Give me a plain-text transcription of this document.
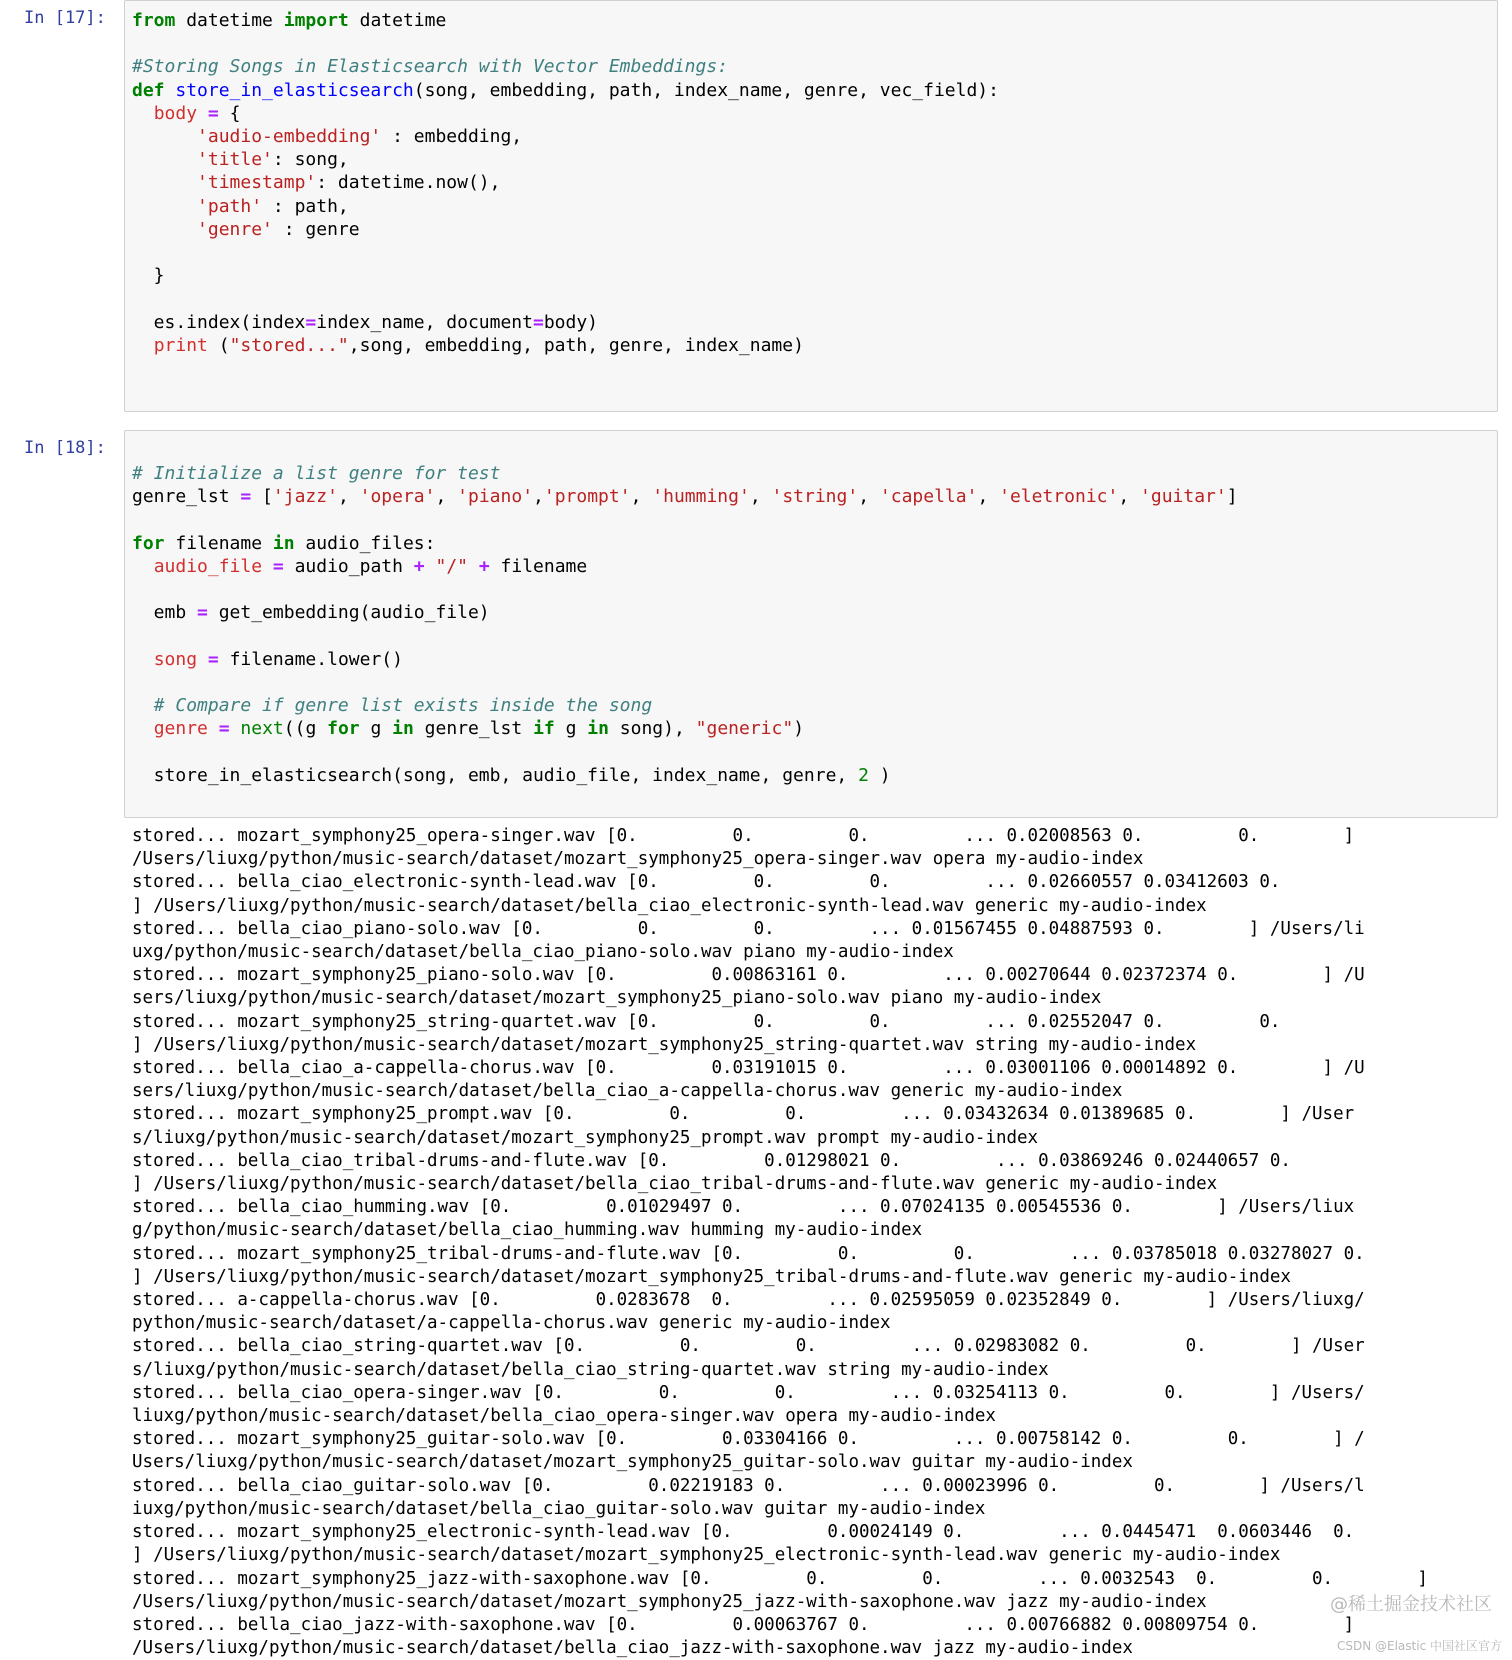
In [17]:	from datetime import datetime
#Storing Songs in Elasticsearch with Vector Embeddings:
def store_in_elasticsearch(song, embedding, path, index_name, genre, vec_field):
body = {
'audio-embedding' : embedding,
'title': song,
'timestamp': datetime.now(),
'path' : path,
'genre' : genre
}
es.index(index=index_name, document=body)
print ("stored...",song, embedding, path, genre, index_name)
In [18]:
# Initialize a list genre for test
genre_lst = ['jazz', 'opera', 'piano','prompt', 'humming', 'string', 'capella', 'eletronic', 'guitar']
for filename in audio_files:
audio_file = audio_path + "/" + filename
emb = get_embedding(audio_file)
song = filename.lower()
# Compare if genre list exists inside the song
genre = next((g for g in genre_lst if g in song), "generic")
store_in_elasticsearch(song, emb, audio_file, index_name, genre, 2 )
stored... mozart_symphony25_opera-singer.wav [0.         0.         0.         ... 0.02008563 0.         0.        ]
/Users/liuxg/python/music-search/dataset/mozart_symphony25_opera-singer.wav opera my-audio-index
stored... bella_ciao_electronic-synth-lead.wav [0.         0.         0.         ... 0.02660557 0.03412603 0.
] /Users/liuxg/python/music-search/dataset/bella_ciao_electronic-synth-lead.wav generic my-audio-index
stored... bella_ciao_piano-solo.wav [0.         0.         0.         ... 0.01567455 0.04887593 0.        ] /Users/li
uxg/python/music-search/dataset/bella_ciao_piano-solo.wav piano my-audio-index
stored... mozart_symphony25_piano-solo.wav [0.         0.00863161 0.         ... 0.00270644 0.02372374 0.        ] /U
sers/liuxg/python/music-search/dataset/mozart_symphony25_piano-solo.wav piano my-audio-index
stored... mozart_symphony25_string-quartet.wav [0.         0.         0.         ... 0.02552047 0.         0.
] /Users/liuxg/python/music-search/dataset/mozart_symphony25_string-quartet.wav string my-audio-index
stored... bella_ciao_a-cappella-chorus.wav [0.         0.03191015 0.         ... 0.03001106 0.00014892 0.        ] /U
sers/liuxg/python/music-search/dataset/bella_ciao_a-cappella-chorus.wav generic my-audio-index
stored... mozart_symphony25_prompt.wav [0.         0.         0.         ... 0.03432634 0.01389685 0.        ] /User
s/liuxg/python/music-search/dataset/mozart_symphony25_prompt.wav prompt my-audio-index
stored... bella_ciao_tribal-drums-and-flute.wav [0.         0.01298021 0.         ... 0.03869246 0.02440657 0.
] /Users/liuxg/python/music-search/dataset/bella_ciao_tribal-drums-and-flute.wav generic my-audio-index
stored... bella_ciao_humming.wav [0.         0.01029497 0.         ... 0.07024135 0.00545536 0.        ] /Users/liux
g/python/music-search/dataset/bella_ciao_humming.wav humming my-audio-index
stored... mozart_symphony25_tribal-drums-and-flute.wav [0.         0.         0.         ... 0.03785018 0.03278027 0.
] /Users/liuxg/python/music-search/dataset/mozart_symphony25_tribal-drums-and-flute.wav generic my-audio-index
stored... a-cappella-chorus.wav [0.         0.0283678  0.         ... 0.02595059 0.02352849 0.        ] /Users/liuxg/
python/music-search/dataset/a-cappella-chorus.wav generic my-audio-index
stored... bella_ciao_string-quartet.wav [0.         0.         0.         ... 0.02983082 0.         0.        ] /User
s/liuxg/python/music-search/dataset/bella_ciao_string-quartet.wav string my-audio-index
stored... bella_ciao_opera-singer.wav [0.         0.         0.         ... 0.03254113 0.         0.        ] /Users/
liuxg/python/music-search/dataset/bella_ciao_opera-singer.wav opera my-audio-index
stored... mozart_symphony25_guitar-solo.wav [0.         0.03304166 0.         ... 0.00758142 0.         0.        ] /
Users/liuxg/python/music-search/dataset/mozart_symphony25_guitar-solo.wav guitar my-audio-index
stored... bella_ciao_guitar-solo.wav [0.         0.02219183 0.         ... 0.00023996 0.         0.        ] /Users/l
iuxg/python/music-search/dataset/bella_ciao_guitar-solo.wav guitar my-audio-index
stored... mozart_symphony25_electronic-synth-lead.wav [0.         0.00024149 0.         ... 0.0445471  0.0603446  0.
] /Users/liuxg/python/music-search/dataset/mozart_symphony25_electronic-synth-lead.wav generic my-audio-index
stored... mozart_symphony25_jazz-with-saxophone.wav [0.         0.         0.         ... 0.0032543  0.         0.        ]
/Users/liuxg/python/music-search/dataset/mozart_symphony25_jazz-with-saxophone.wav jazz my-audio-index
stored... bella_ciao_jazz-with-saxophone.wav [0.         0.00063767 0.         ... 0.00766882 0.00809754 0.        ]
/Users/liuxg/python/music-search/dataset/bella_ciao_jazz-with-saxophone.wav jazz my-audio-index
@稀土掘金技术社区
CSDN @Elastic 中国社区官方
